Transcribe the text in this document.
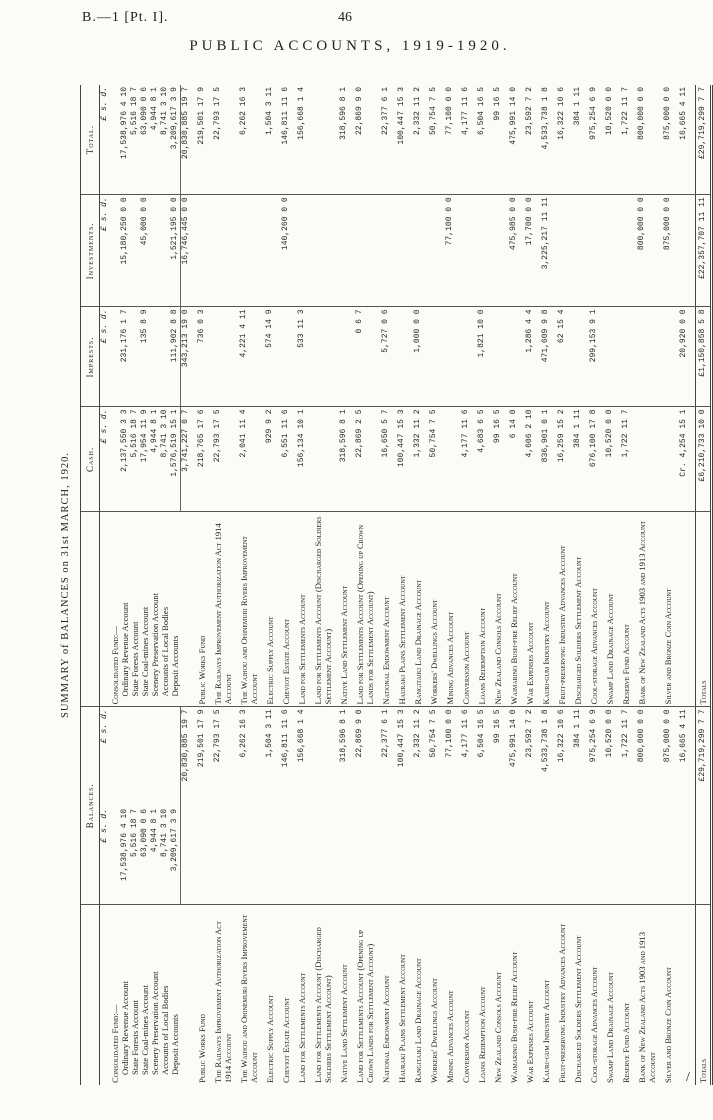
B.—1 [Pt. I].	46
PUBLIC ACCOUNTS, 1919-1920.
SUMMARY of BALANCES on 31st MARCH, 1920.
	Balances.			Cash.	Imprests.	Investments.	Total.
	£ s. d.	£ s. d.		£ s. d.	£ s. d.	£ s. d.	£ s. d.
Consolidated Fund:—			Consolidated Fund:—				
Ordinary Revenue Account	17,538,976 4 10		Ordinary Revenue Account	2,137,550 3 3	231,176 1 7	15,180,250 0 0	17,538,976 4 10
State Forests Account	5,516 18 7		State Forests Account	5,516 18 7			5,516 18 7
State Coal-mines Account	63,090 0 6		State Coal-mines Account	17,954 11 9	135 8 9	45,000 0 0	63,090 0 6
Scenery Preservation Account	4,944 8 1		Scenery Preservation Account	4,944 8 1			4,944 8 1
Accounts of Local Bodies	8,741 3 10		Accounts of Local Bodies	8,741 3 10			8,741 3 10
Deposit Accounts	3,209,617 3 9		Deposit Accounts	1,576,519 15 1	111,902 8 8	1,521,195 0 0	3,209,617 3 9
		20,830,885 19 7		3,741,227 0 7	343,213 19 0	16,746,445 0 0	20,830,885 19 7

Public Works Fund		219,501 17 9	Public Works Fund	218,765 17 6	736 0 3		219,501 17 9

The Railways Improvement Authorization Act 1914 Account		22,793 17 5	The Railways Improvement Authorization Act 1914 Account	22,793 17 5			22,793 17 5

The Waihou and Ohinemuri Rivers Improvement Account		6,262 16 3	The Waihou and Ohinemuri Rivers Improvement Account	2,041 11 4	4,221 4 11		6,262 16 3

Electric Supply Account		1,504 3 11	Electric Supply Account	929 9 2	574 14 9		1,504 3 11

Cheviot Estate Account		146,811 11 6	Cheviot Estate Account	6,551 11 6		140,260 0 0	146,811 11 6

Land for Settlements Account		156,668 1 4	Land for Settlements Account	156,134 10 1	533 11 3		156,668 1 4

Land for Settlements Account (Discharged Soldiers Settlement Account)			Land for Settlements Account (Discharged Soldiers Settlement Account)				

Native Land Settlement Account		318,596 8 1	Native Land Settlement Account	318,596 8 1			318,596 8 1

Land for Settlements Account (Opening up Crown Lands for Settlement Account)		22,869 9 0	Land for Settlements Account (Opening up Crown Lands for Settlement Account)	22,869 2 5	0 6 7		22,869 9 0

National Endowment Account		22,377 6 1	National Endowment Account	16,650 5 7	5,727 0 6		22,377 6 1

Hauraki Plains Settlement Account		100,447 15 3	Hauraki Plains Settlement Account	100,447 15 3			100,447 15 3

Rangitaiki Land Drainage Account		2,332 11 2	Rangitaiki Land Drainage Account	1,332 11 2	1,000 0 0		2,332 11 2

Workers' Dwellings Account		50,754 7 5	Workers' Dwellings Account	50,754 7 5			50,754 7 5

Mining Advances Account		77,100 0 0	Mining Advances Account			77,100 0 0	77,100 0 0

Conversion Account		4,177 11 6	Conversion Account	4,177 11 6			4,177 11 6

Loans Redemption Account		6,504 16 5	Loans Redemption Account	4,683 6 5	1,821 10 0		6,504 16 5

New Zealand Consols Account		99 16 5	New Zealand Consols Account	99 16 5			99 16 5

Waimarino Bush-fire Relief Account		475,991 14 0	Waimarino Bush-fire Relief Account	6 14 0		475,985 0 0	475,991 14 0

War Expenses Account		23,592 7 2	War Expenses Account	4,606 2 10	1,286 4 4	17,700 0 0	23,592 7 2

Kauri-gum Industry Account		4,533,738 1 8	Kauri-gum Industry Account	836,901 0 1	471,609 9 8	3,225,217 11 11	4,533,738 1 8

Fruit-preserving Industry Advances Account		16,322 10 6	Fruit-preserving Industry Advances Account	16,259 15 2	62 15 4		16,322 10 6

Discharged Soldiers Settlement Account		384 1 11	Discharged Soldiers Settlement Account	384 1 11			384 1 11

Cool-storage Advances Account		975,254 6 9	Cool-storage Advances Account	676,100 17 8	299,153 9 1		975,254 6 9

Swamp Land Drainage Account		10,520 0 0	Swamp Land Drainage Account	10,520 0 0			10,520 0 0

Reserve Fund Account		1,722 11 7	Reserve Fund Account	1,722 11 7			1,722 11 7

Bank of New Zealand Acts 1903 and 1913 Account		800,000 0 0	Bank of New Zealand Acts 1903 and 1913 Account			800,000 0 0	800,000 0 0

Silver and Bronze Coin Account		875,000 0 0	Silver and Bronze Coin Account			875,000 0 0	875,000 0 0

		16,665 4 11		Cr. 4,254 15 1	20,920 0 0		16,665 4 11

Totals		£29,719,299 7 7	Totals	£6,210,733 10 0	£1,150,858 5 8	£22,357,707 11 11	£29,719,299 7 7
/
